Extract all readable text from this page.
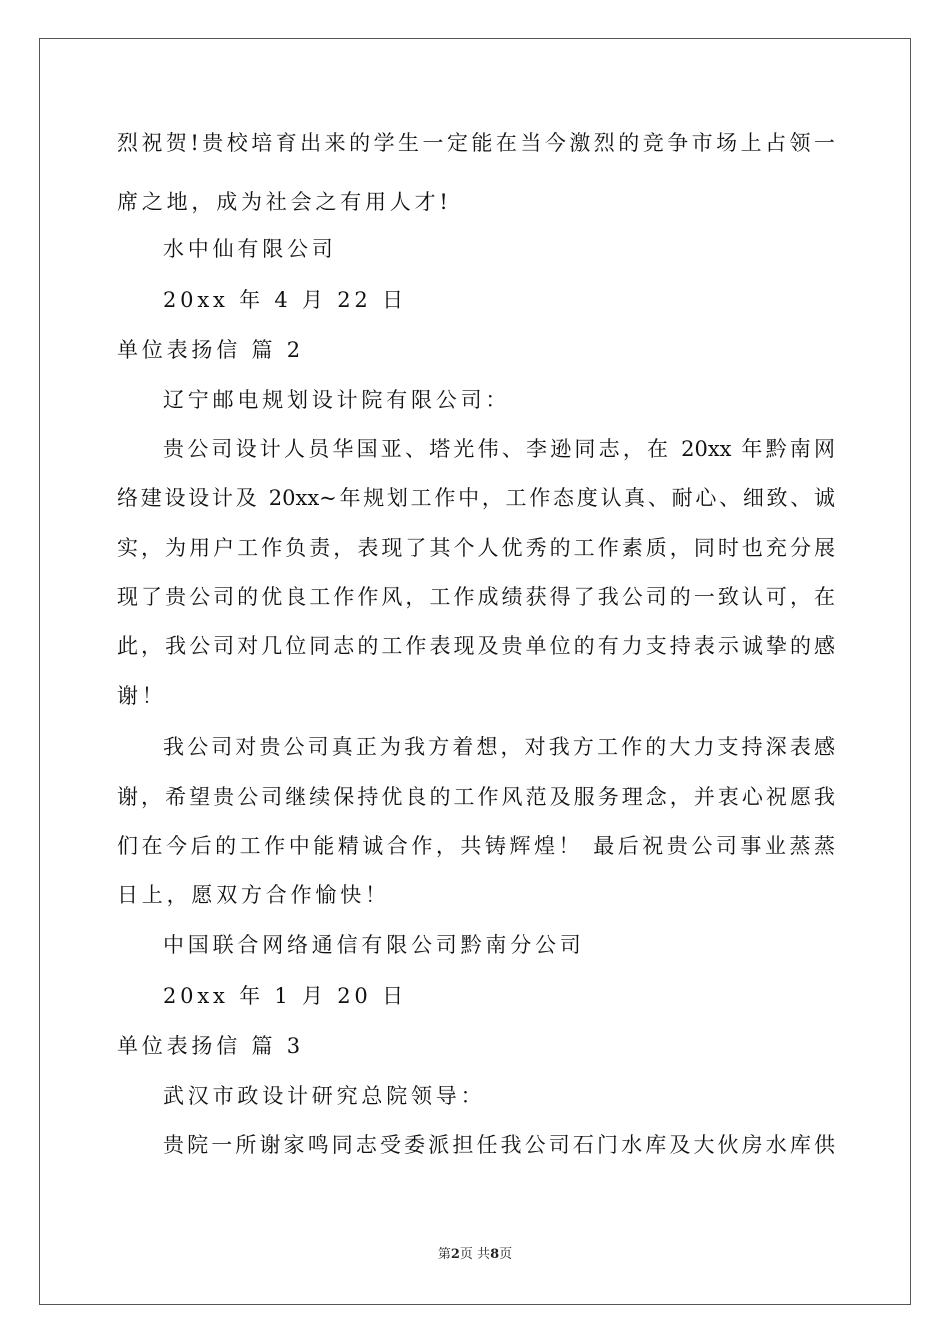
烈祝贺!贵校培育出来的学生一定能在当今激烈的竞争市场上占领一
席之地，成为社会之有用人才!
水中仙有限公司
20xx 年 4 月 22 日
单位表扬信 篇 2
辽宁邮电规划设计院有限公司：
贵公司设计人员华国亚、塔光伟、李逊同志，在 20xx 年黔南网
络建设设计及 20xx~年规划工作中，工作态度认真、耐心、细致、诚
实，为用户工作负责，表现了其个人优秀的工作素质，同时也充分展
现了贵公司的优良工作作风，工作成绩获得了我公司的一致认可，在
此，我公司对几位同志的工作表现及贵单位的有力支持表示诚挚的感
谢！
我公司对贵公司真正为我方着想，对我方工作的大力支持深表感
谢，希望贵公司继续保持优良的工作风范及服务理念，并衷心祝愿我
们在今后的工作中能精诚合作，共铸辉煌！ 最后祝贵公司事业蒸蒸
日上，愿双方合作愉快！
中国联合网络通信有限公司黔南分公司
20xx 年 1 月 20 日
单位表扬信 篇 3
武汉市政设计研究总院领导：
贵院一所谢家鸣同志受委派担任我公司石门水库及大伙房水库供
第2页 共8页
